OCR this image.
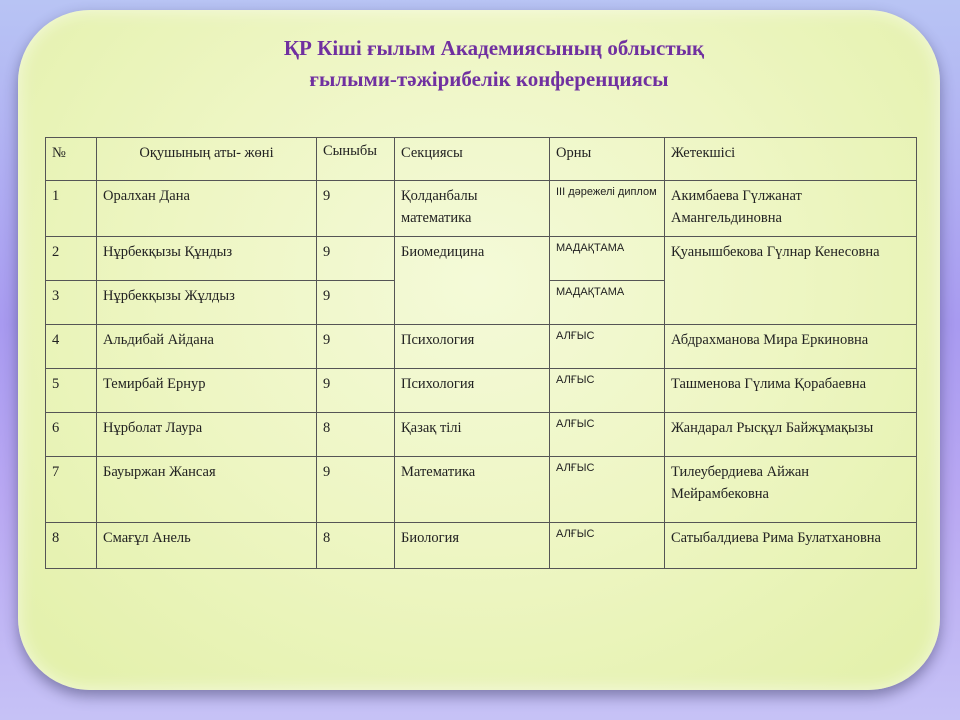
ҚР Кіші ғылым Академиясының облыстық
ғылыми-тәжірибелік конференциясы
№	Оқушының аты- жөні	Сыныбы	Секциясы	Орны	Жетекшісі
1	Оралхан Дана	9	Қолданбалы математика	ІІІ дәрежелі диплом	Акимбаева Гүлжанат Амангельдиновна
2	Нұрбекқызы Құндыз	9	Биомедицина	МАДАҚТАМА	Қуанышбекова Гүлнар Кенесовна
3	Нұрбекқызы Жұлдыз	9		МАДАҚТАМА	

4	Альдибай Айдана	9	Психология	АЛҒЫС	Абдрахманова Мира Еркиновна
5	Темирбай Ернур	9	Психология	АЛҒЫС	Ташменова Гүлима Қорабаевна
6	Нұрболат Лаура	8	Қазақ тілі	АЛҒЫС	Жандарал Рысқұл Байжұмақызы
7	Бауыржан Жансая	9	Математика	АЛҒЫС	Тилеубердиева Айжан Мейрамбековна
8	Смағұл Анель	8	Биология	АЛҒЫС	Сатыбалдиева Рима Булатхановна
